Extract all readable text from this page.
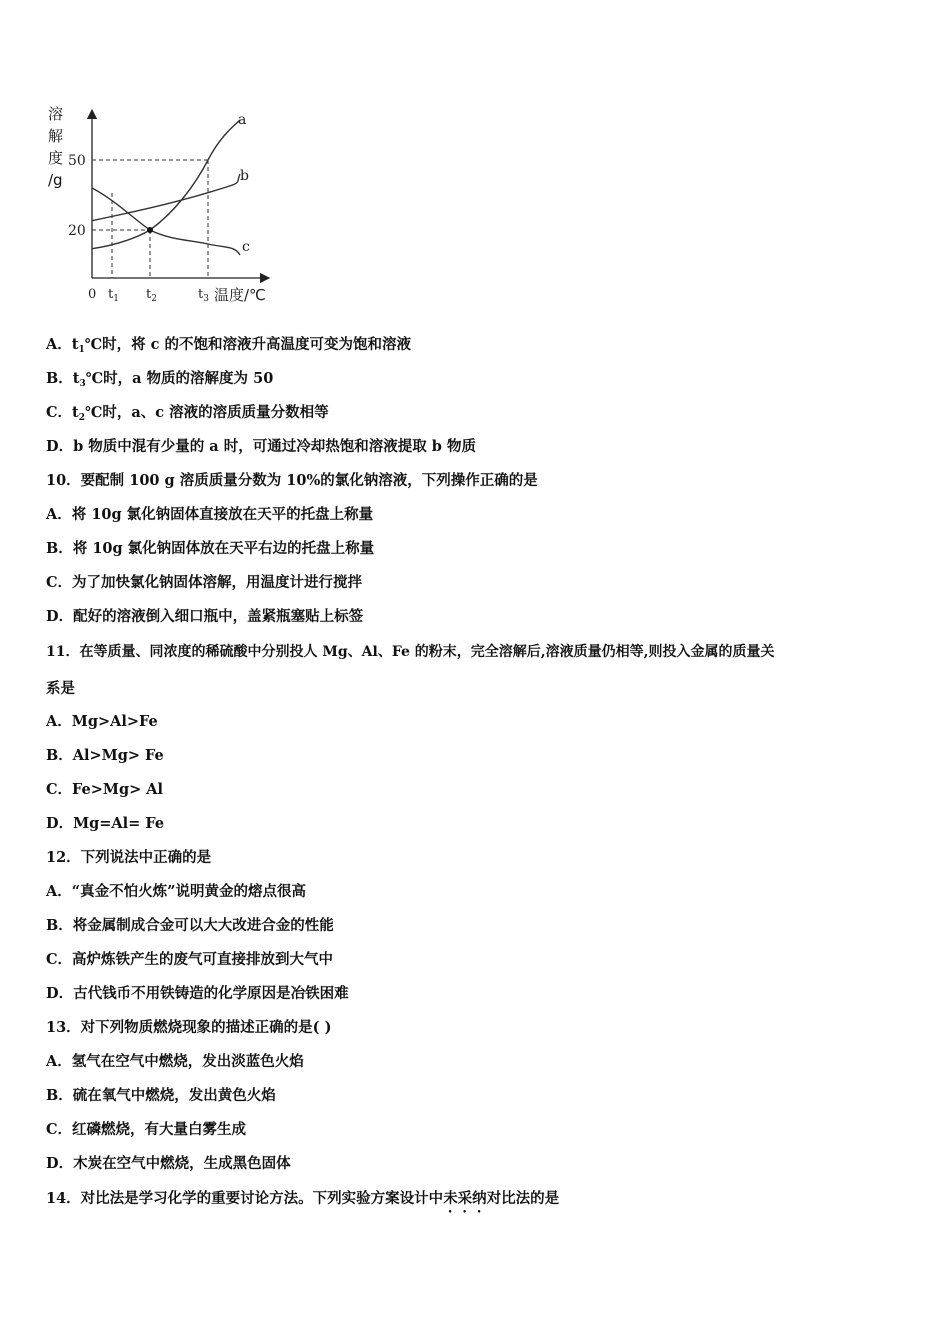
溶
解
度
/g
a
b
c
50
20
0 $t_1$ $t_2$	$t_3$ 温度/℃
A．$t_1℃$时，将 c 的不饱和溶液升高温度可变为饱和溶液
B．$t_3℃$时，a 物质的溶解度为 50
C．$t_2℃$时，a、c 溶液的溶质质量分数相等
D．b 物质中混有少量的 a 时，可通过冷却热饱和溶液提取 b 物质
10．要配制 100 g 溶质质量分数为 10%的氯化钠溶液，下列操作正确的是
A．将 10g 氯化钠固体直接放在天平的托盘上称量
B．将 10g 氯化钠固体放在天平右边的托盘上称量
C．为了加快氯化钠固体溶解，用温度计进行搅拌
D．配好的溶液倒入细口瓶中，盖紧瓶塞贴上标签
11．在等质量、同浓度的稀硫酸中分别投人 Mg、Al、Fe 的粉末，完全溶解后,溶液质量仍相等,则投入金属的质量关
系是
A．Mg>Al>Fe
B．Al>Mg> Fe
C．Fe>Mg> Al
D．Mg=Al= Fe
12．下列说法中正确的是
A．“真金不怕火炼”说明黄金的熔点很高
B．将金属制成合金可以大大改进合金的性能
C．高炉炼铁产生的废气可直接排放到大气中
D．古代钱币不用铁铸造的化学原因是冶铁困难
13．对下列物质燃烧现象的描述正确的是( )
A．氢气在空气中燃烧，发出淡蓝色火焰
B．硫在氧气中燃烧，发出黄色火焰
C．红磷燃烧，有大量白雾生成
D．木炭在空气中燃烧，生成黑色固体
14．对比法是学习化学的重要讨论方法。下列实验方案设计中未采纳对比法的是
